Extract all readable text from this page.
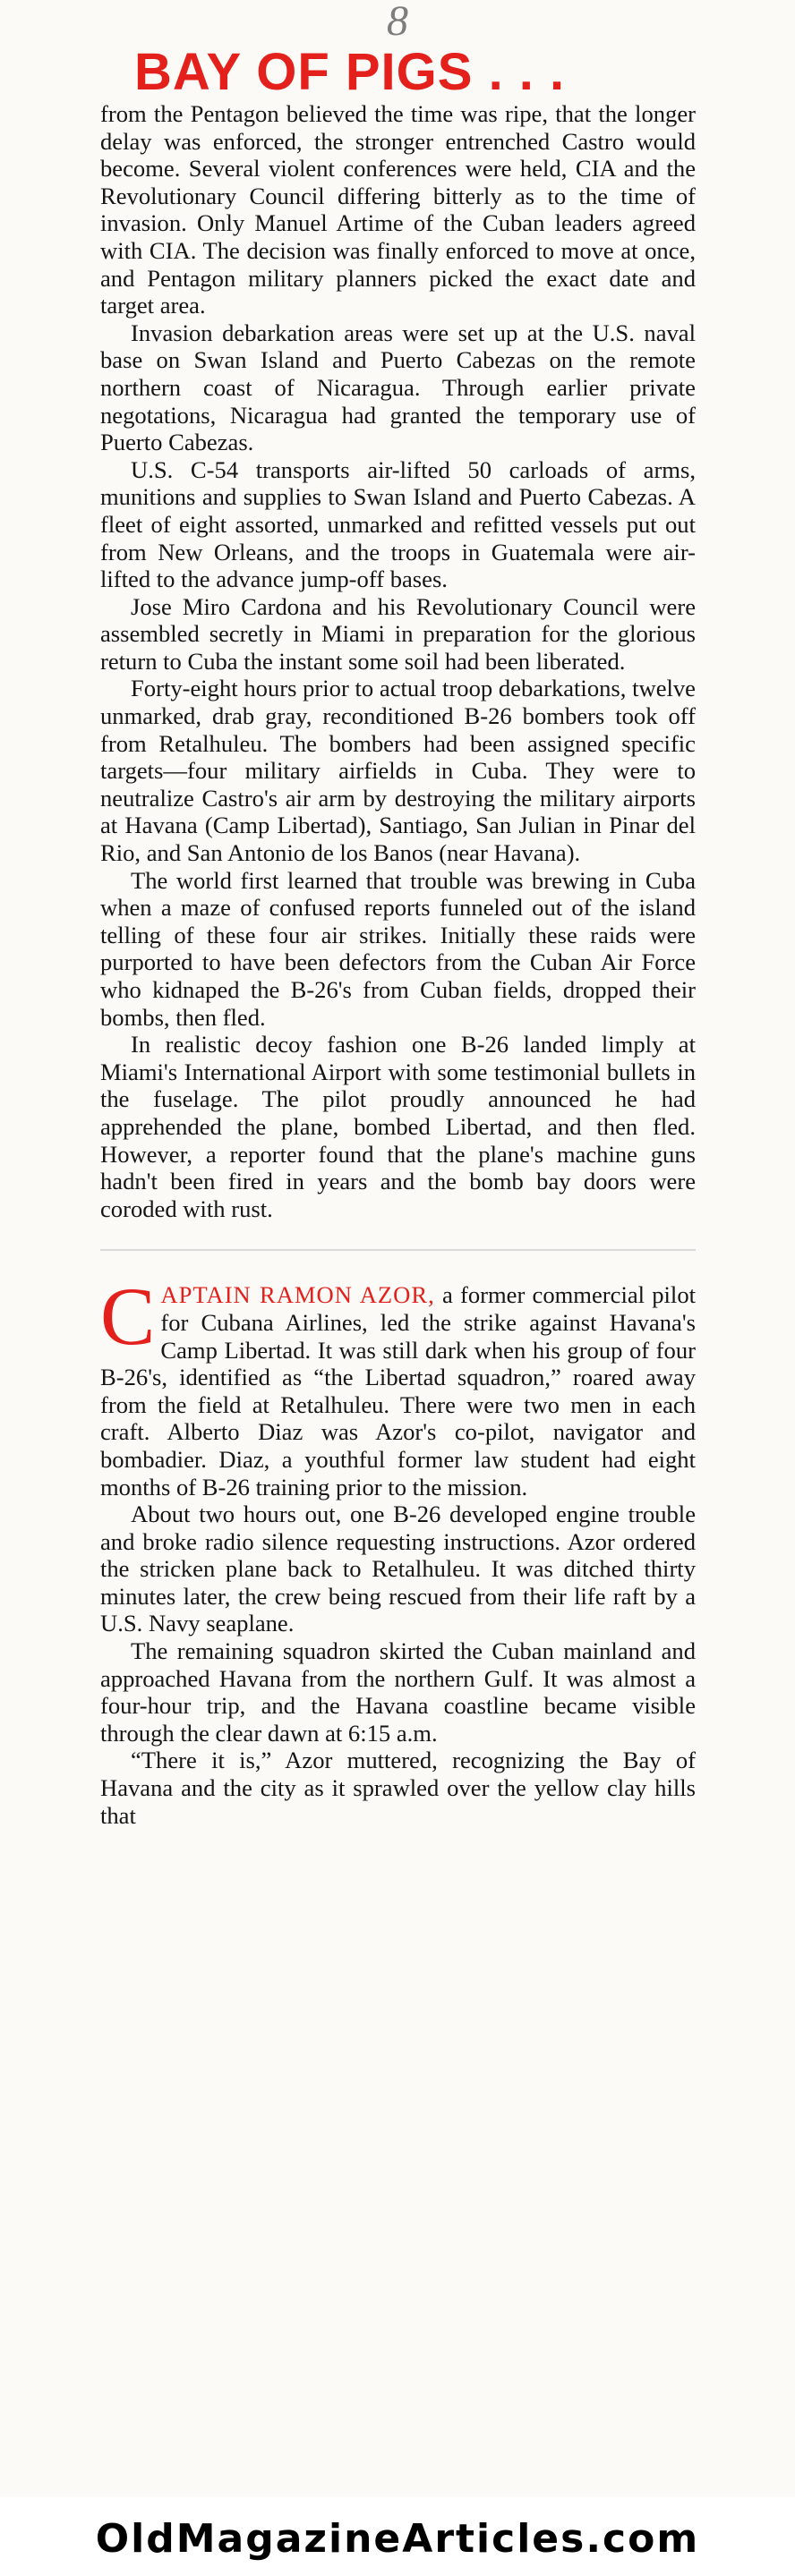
8
BAY OF PIGS . . .

from the Pentagon believed the time was ripe, that the longer delay was enforced, the stronger entrenched Castro would become. Several violent conferences were held, CIA and the Revolutionary Council differing bitterly as to the time of invasion. Only Manuel Artime of the Cuban leaders agreed with CIA. The decision was finally enforced to move at once, and Pentagon military planners picked the exact date and target area.

Invasion debarkation areas were set up at the U.S. naval base on Swan Island and Puerto Cabezas on the remote northern coast of Nicaragua. Through earlier private negotations, Nicaragua had granted the temporary use of Puerto Cabezas.

U.S. C-54 transports air-lifted 50 carloads of arms, munitions and supplies to Swan Island and Puerto Cabezas. A fleet of eight assorted, unmarked and refitted vessels put out from New Orleans, and the troops in Guatemala were air-lifted to the advance jump-off bases.

Jose Miro Cardona and his Revolutionary Council were assembled secretly in Miami in preparation for the glorious return to Cuba the instant some soil had been liberated.

Forty-eight hours prior to actual troop debarkations, twelve unmarked, drab gray, reconditioned B-26 bombers took off from Retalhuleu. The bombers had been assigned specific targets—four military airfields in Cuba. They were to neutralize Castro's air arm by destroying the military airports at Havana (Camp Libertad), Santiago, San Julian in Pinar del Rio, and San Antonio de los Banos (near Havana).

The world first learned that trouble was brewing in Cuba when a maze of confused reports funneled out of the island telling of these four air strikes. Initially these raids were purported to have been defectors from the Cuban Air Force who kidnaped the B-26's from Cuban fields, dropped their bombs, then fled.

In realistic decoy fashion one B-26 landed limply at Miami's International Airport with some testimonial bullets in the fuselage. The pilot proudly announced he had apprehended the plane, bombed Libertad, and then fled. However, a reporter found that the plane's machine guns hadn't been fired in years and the bomb bay doors were coroded with rust.

CAPTAIN RAMON AZOR, a former commercial pilot for Cubana Airlines, led the strike against Havana's Camp Libertad. It was still dark when his group of four B-26's, identified as “the Libertad squadron,” roared away from the field at Retalhuleu. There were two men in each craft. Alberto Diaz was Azor's co-pilot, navigator and bombadier. Diaz, a youthful former law student had eight months of B-26 training prior to the mission.

About two hours out, one B-26 developed engine trouble and broke radio silence requesting instructions. Azor ordered the stricken plane back to Retalhuleu. It was ditched thirty minutes later, the crew being rescued from their life raft by a U.S. Navy seaplane.

The remaining squadron skirted the Cuban mainland and approached Havana from the northern Gulf. It was almost a four-hour trip, and the Havana coastline became visible through the clear dawn at 6:15 a.m.

“There it is,” Azor muttered, recognizing the Bay of Havana and the city as it sprawled over the yellow clay hills that

OldMagazineArticles.com
